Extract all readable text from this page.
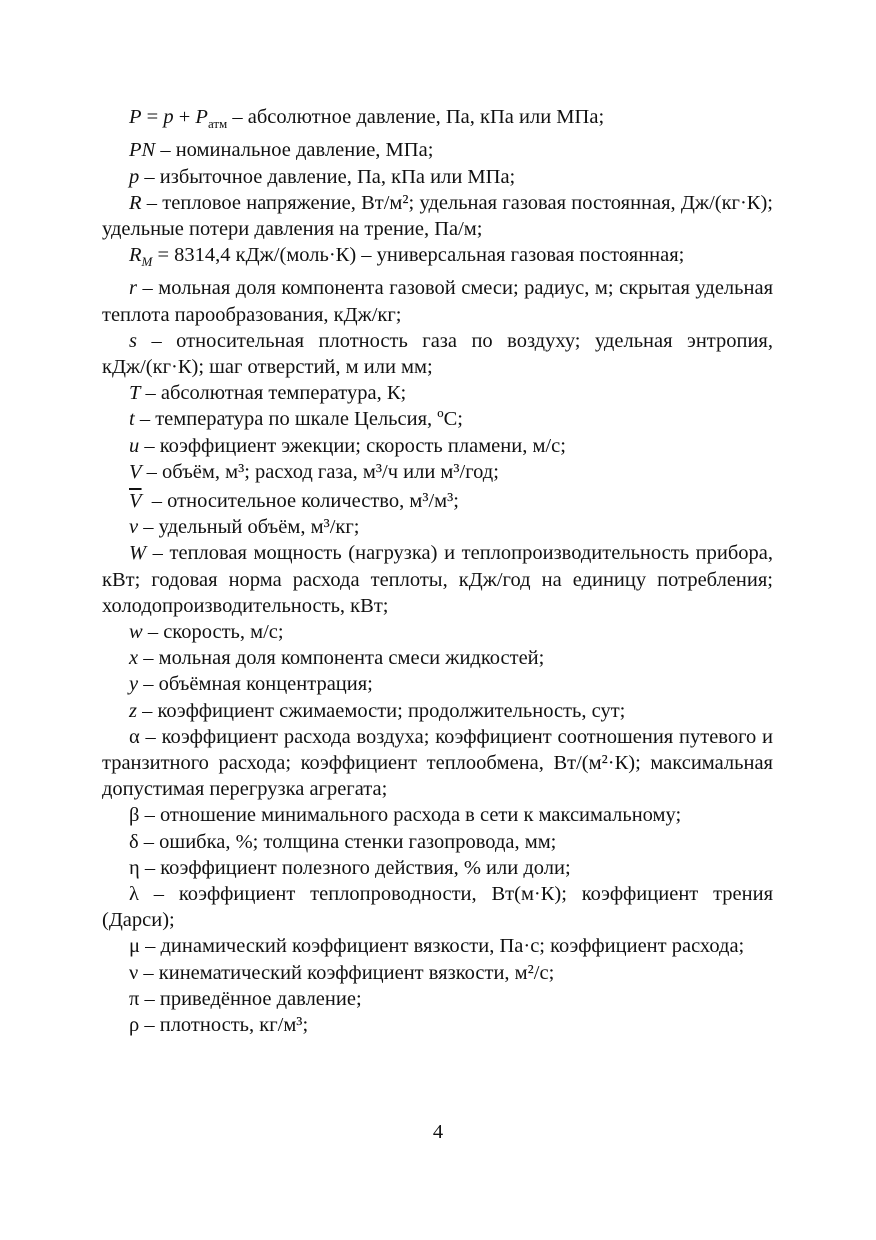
$P = p + P_{атм}$ – абсолютное давление, Па, кПа или МПа;

PN – номинальное давление, МПа;

p – избыточное давление, Па, кПа или МПа;

R – тепловое напряжение, Вт/м²; удельная газовая постоянная, Дж/(кг·К); удельные потери давления на трение, Па/м;

$R_M = 8314,4$ кДж/(моль·К) – универсальная газовая постоянная;

r – мольная доля компонента газовой смеси; радиус, м; скрытая удельная теплота парообразования, кДж/кг;

s – относительная плотность газа по воздуху; удельная энтропия, кДж/(кг·К); шаг отверстий, м или мм;

T – абсолютная температура, К;

t – температура по шкале Цельсия, ºС;

u – коэффициент эжекции; скорость пламени, м/с;

V – объём, м³; расход газа, м³/ч или м³/год;

$\overline{V}$  – относительное количество, м³/м³;

v – удельный объём, м³/кг;

W – тепловая мощность (нагрузка) и теплопроизводительность прибора, кВт; годовая норма расхода теплоты, кДж/год на единицу потребления; холодопроизводительность, кВт;

w – скорость, м/с;

x – мольная доля компонента смеси жидкостей;

y – объёмная концентрация;

z – коэффициент сжимаемости; продолжительность, сут;

α – коэффициент расхода воздуха; коэффициент соотношения путевого и транзитного расхода; коэффициент теплообмена, Вт/(м²·К); максимальная допустимая перегрузка агрегата;

β – отношение минимального расхода в сети к максимальному;

δ – ошибка, %; толщина стенки газопровода, мм;

η – коэффициент полезного действия, % или доли;

λ – коэффициент теплопроводности, Вт(м·К); коэффициент трения (Дарси);

μ – динамический коэффициент вязкости, Па·с; коэффициент расхода;

ν – кинематический коэффициент вязкости, м²/с;

π – приведённое давление;

ρ – плотность, кг/м³;

4
